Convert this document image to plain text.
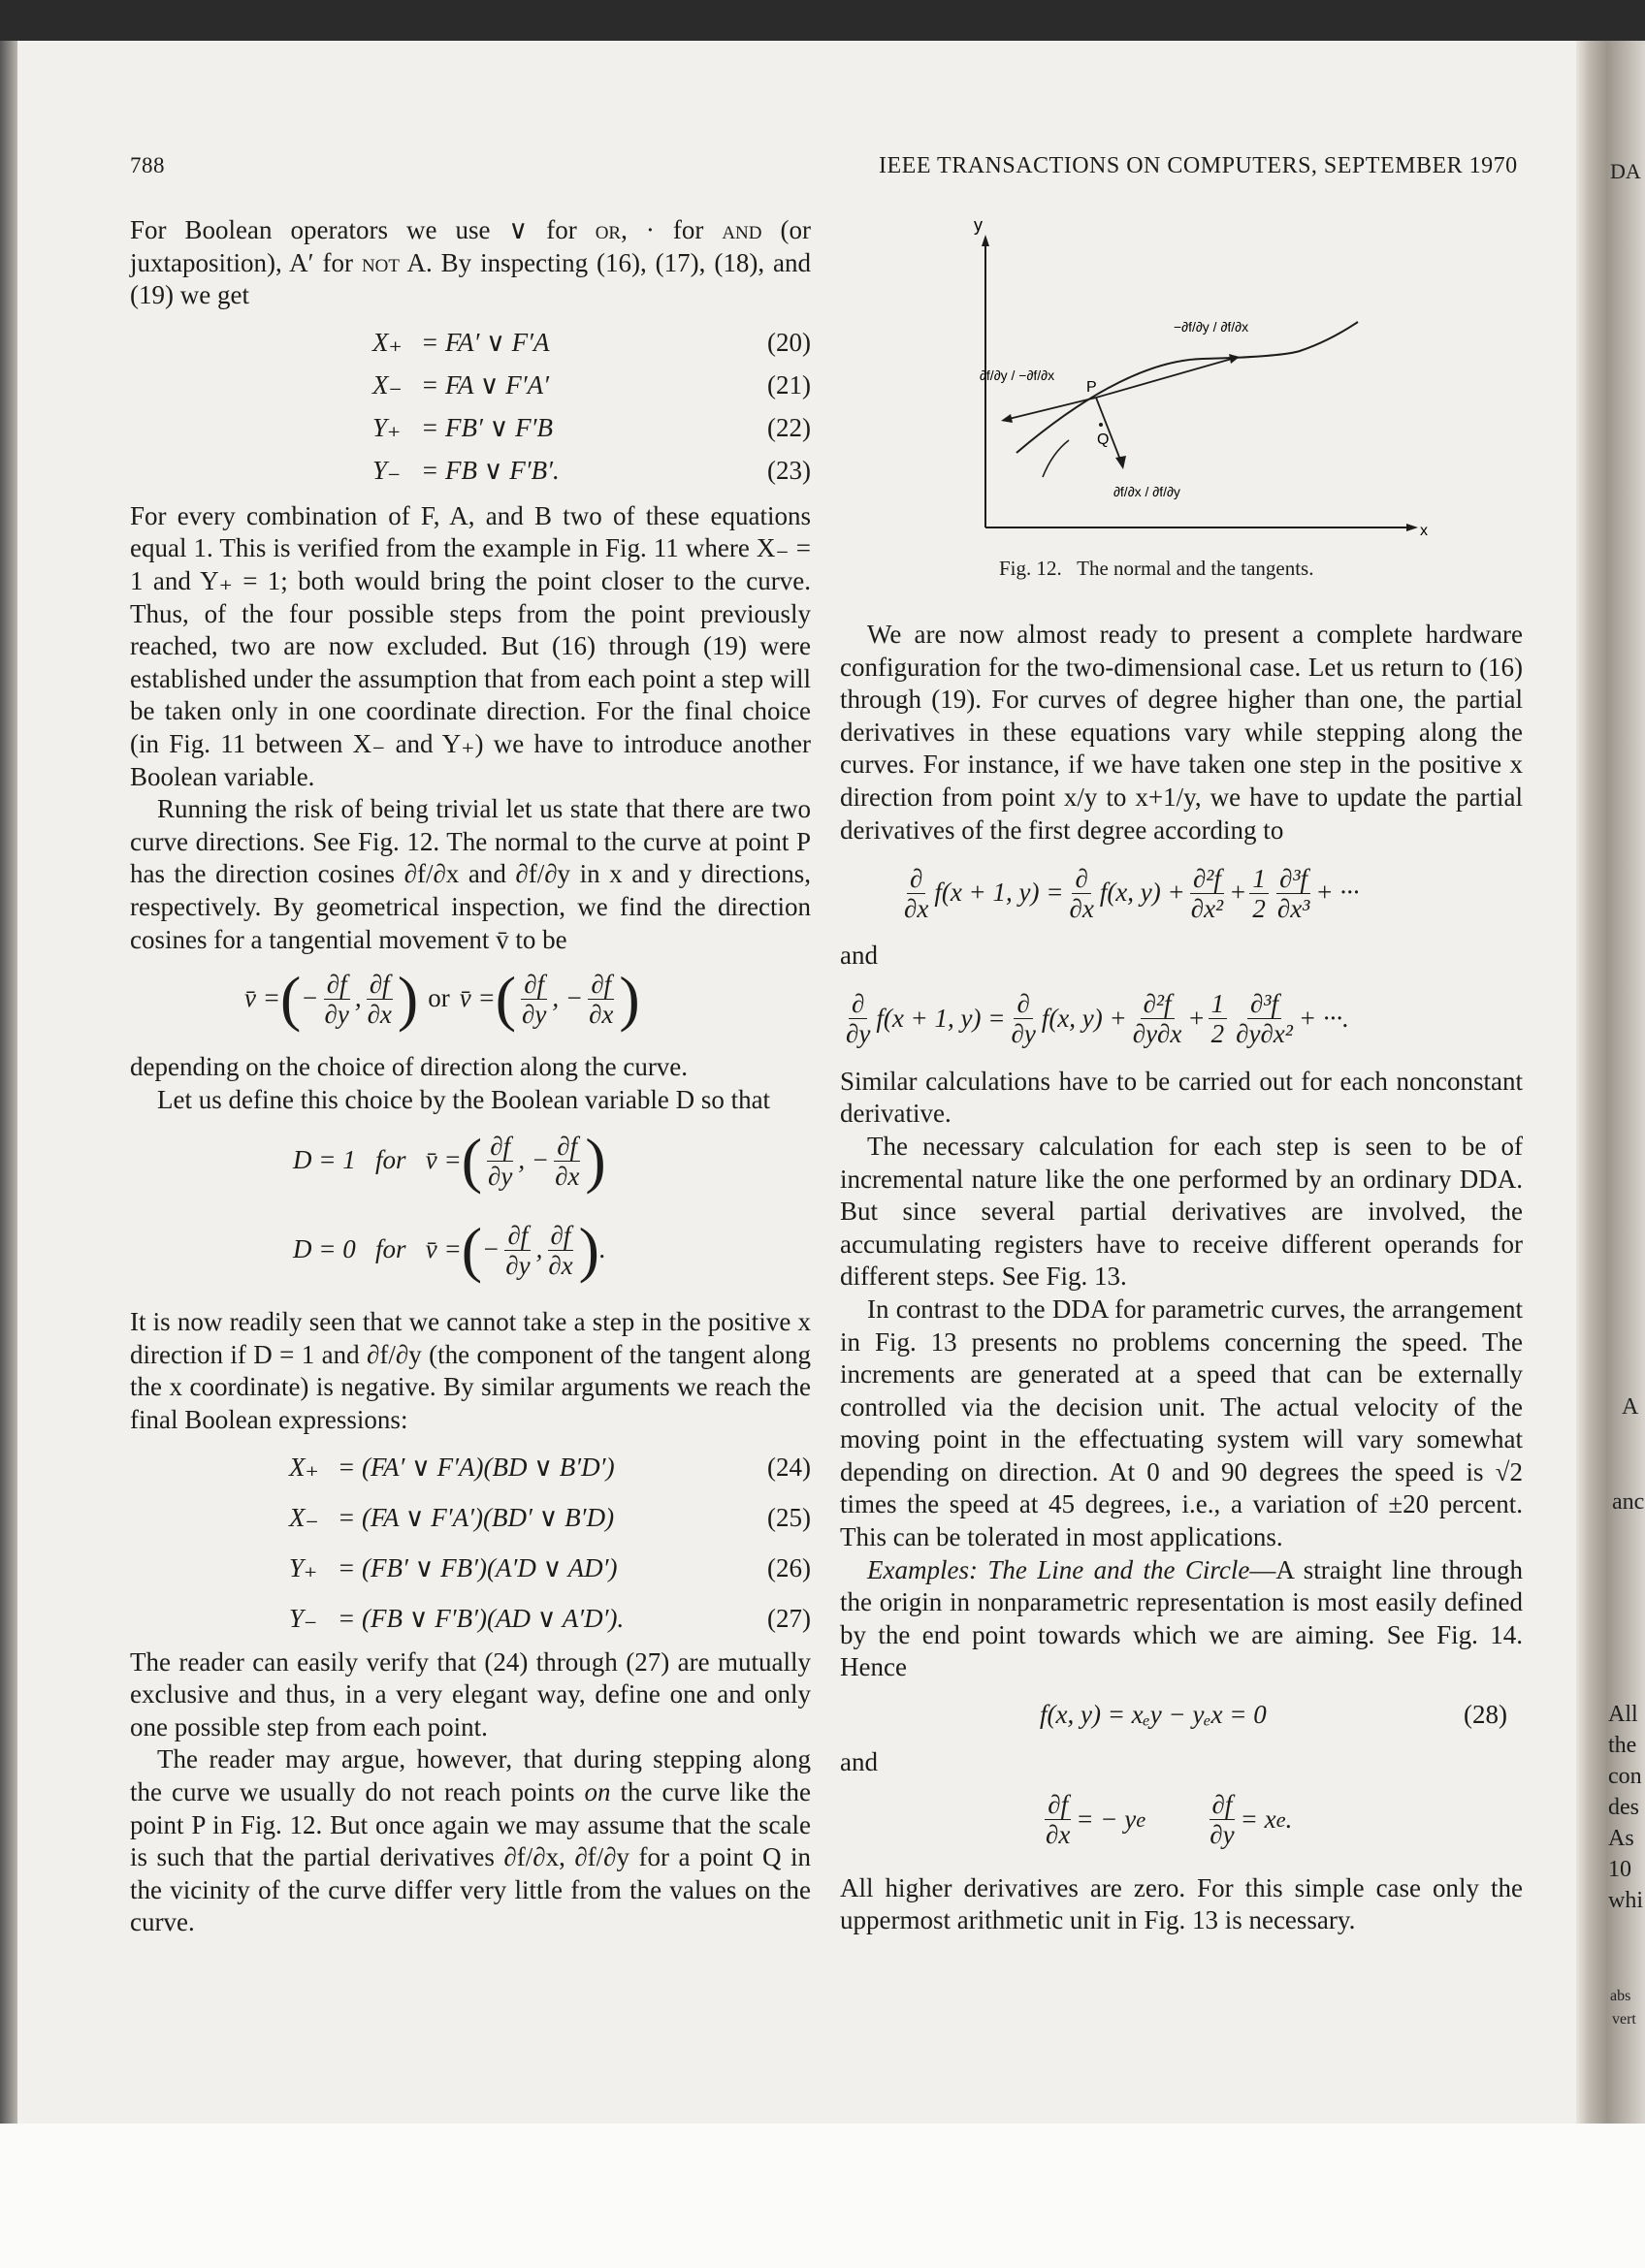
DA
A
anc
All
the
con
des
As
10
whi
abs
vert
788	IEEE TRANSACTIONS ON COMPUTERS, SEPTEMBER 1970

For Boolean operators we use ∨ for or, · for and (or juxtaposition), A′ for not A. By inspecting (16), (17), (18), and (19) we get

X₊ = FA′ ∨ F′A	(20)
X₋ = FA ∨ F′A′	(21)
Y₊ = FB′ ∨ F′B	(22)
Y₋ = FB ∨ F′B′.	(23)

For every combination of F, A, and B two of these equations equal 1. This is verified from the example in Fig. 11 where X₋ = 1 and Y₊ = 1; both would bring the point closer to the curve. Thus, of the four possible steps from the point previously reached, two are now excluded. But (16) through (19) were established under the assumption that from each point a step will be taken only in one coordinate direction. For the final choice (in Fig. 11 between X₋ and Y₊) we have to introduce another Boolean variable.

Running the risk of being trivial let us state that there are two curve directions. See Fig. 12. The normal to the curve at point P has the direction cosines ∂f/∂x and ∂f/∂y in x and y directions, respectively. By geometrical inspection, we find the direction cosines for a tangential movement v̄ to be

v̄ = ( − $\frac{\partial f}{\partial y}$ , $\frac{\partial f}{\partial x}$ ) or v̄ = ( $\frac{\partial f}{\partial y}$ , − $\frac{\partial f}{\partial x}$ )

depending on the choice of direction along the curve.

Let us define this choice by the Boolean variable D so that

D = 1   for   v̄ = ( $\frac{\partial f}{\partial y}$ , − $\frac{\partial f}{\partial x}$ )
D = 0   for   v̄ = ( − $\frac{\partial f}{\partial y}$ , $\frac{\partial f}{\partial x}$ ) .

It is now readily seen that we cannot take a step in the positive x direction if D = 1 and ∂f/∂y (the component of the tangent along the x coordinate) is negative. By similar arguments we reach the final Boolean expressions:

X₊ = (FA′ ∨ F′A)(BD ∨ B′D′)	(24)
X₋ = (FA ∨ F′A′)(BD′ ∨ B′D)	(25)
Y₊ = (FB′ ∨ FB′)(A′D ∨ AD′)	(26)
Y₋ = (FB ∨ F′B′)(AD ∨ A′D′).	(27)

The reader can easily verify that (24) through (27) are mutually exclusive and thus, in a very elegant way, define one and only one possible step from each point.

The reader may argue, however, that during stepping along the curve we usually do not reach points on the curve like the point P in Fig. 12. But once again we may assume that the scale is such that the partial derivatives ∂f/∂x, ∂f/∂y for a point Q in the vicinity of the curve differ very little from the values on the curve.

y
x
P
Q
∂f/∂y / −∂f/∂x
−∂f/∂y / ∂f/∂x
∂f/∂x / ∂f/∂y
Fig. 12.   The normal and the tangents.

We are now almost ready to present a complete hardware configuration for the two-dimensional case. Let us return to (16) through (19). For curves of degree higher than one, the partial derivatives in these equations vary while stepping along the curves. For instance, if we have taken one step in the positive x direction from point x/y to x+1/y, we have to update the partial derivatives of the first degree according to

$\frac{\partial}{\partial x} f(x + 1$, $y) = \frac{\partial}{\partial x} f(x$, $y) + \frac{\text{∂²f}}{\text{∂x²}} + \frac{1}{2} \frac{\text{∂³f}}{\text{∂x³}}$ + ···

and

$\frac{\partial}{\partial y} f(x + 1$, $y) = \frac{\partial}{\partial y} f(x$, $y) + \frac{\text{∂²f}}{\partial y\partial x} + \frac{1}{2} \frac{\text{∂³f}}{\text{∂y∂x²}}$ + ···.

Similar calculations have to be carried out for each nonconstant derivative.

The necessary calculation for each step is seen to be of incremental nature like the one performed by an ordinary DDA. But since several partial derivatives are involved, the accumulating registers have to receive different operands for different steps. See Fig. 13.

In contrast to the DDA for parametric curves, the arrangement in Fig. 13 presents no problems concerning the speed. The increments are generated at a speed that can be externally controlled via the decision unit. The actual velocity of the moving point in the effectuating system will vary somewhat depending on direction. At 0 and 90 degrees the speed is √2 times the speed at 45 degrees, i.e., a variation of ±20 percent. This can be tolerated in most applications.

Examples: The Line and the Circle—A straight line through the origin in nonparametric representation is most easily defined by the end point towards which we are aiming. See Fig. 14. Hence

f(x, y) = xₑy − yₑx = 0	(28)

and

$\frac{\partial f}{\partial x}$ = − y e $\frac{\partial f}{\partial y} = x$ e .

All higher derivatives are zero. For this simple case only the uppermost arithmetic unit in Fig. 13 is necessary.
